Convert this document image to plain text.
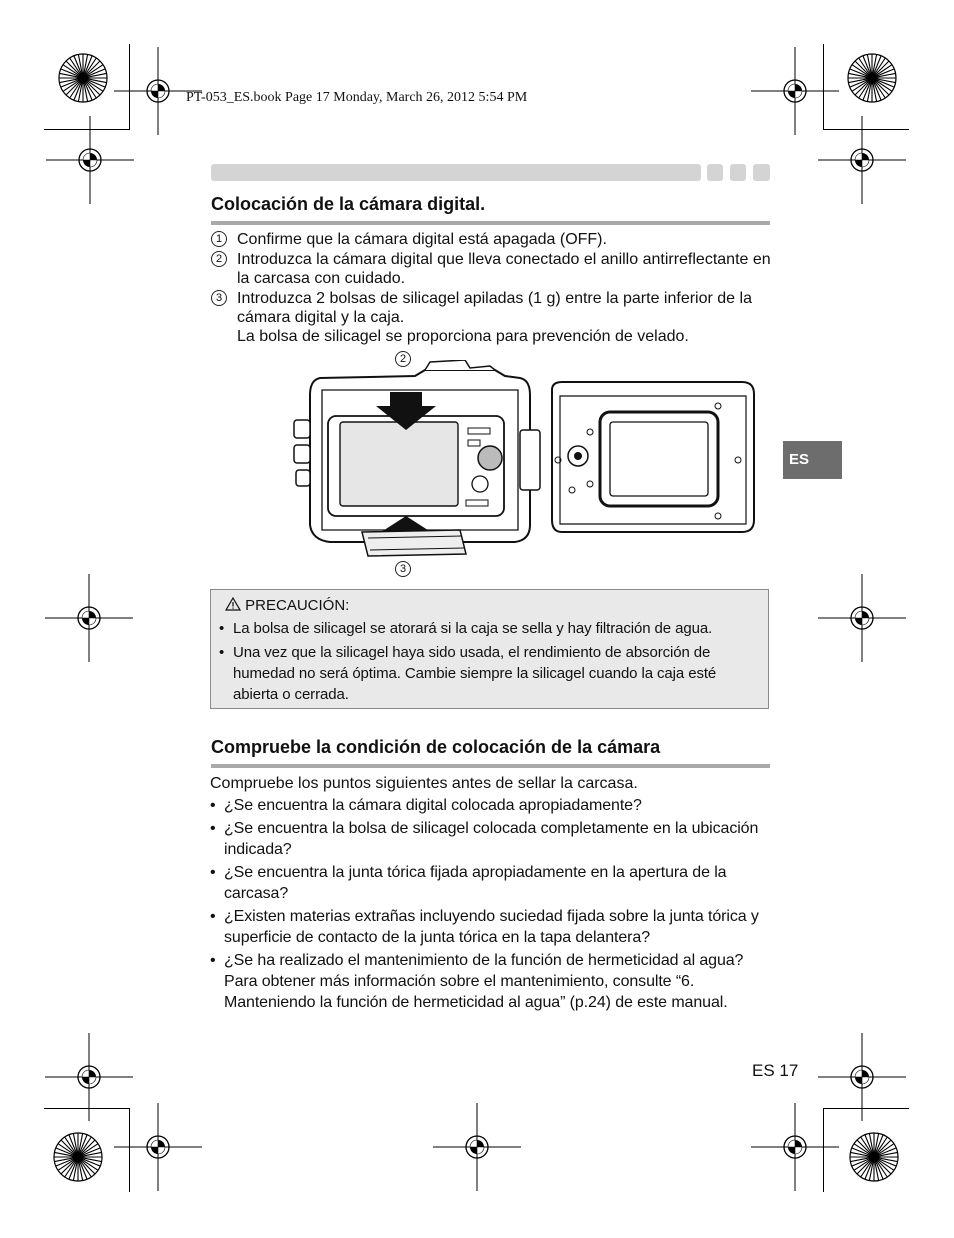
PT-053_ES.book Page 17 Monday, March 26, 2012 5:54 PM
Colocación de la cámara digital.
1 Confirme que la cámara digital está apagada (OFF).
2 Introduzca la cámara digital que lleva conectado el anillo antirreflectante en la carcasa con cuidado.
3 Introduzca 2 bolsas de silicagel apiladas (1 g) entre la parte inferior de la cámara digital y la caja.
La bolsa de silicagel se proporciona para prevención de velado.
2
3
PRECAUCIÓN:
• La bolsa de silicagel se atorará si la caja se sella y hay filtración de agua.
• Una vez que la silicagel haya sido usada, el rendimiento de absorción de humedad no será óptima. Cambie siempre la silicagel cuando la caja esté abierta o cerrada.
Compruebe la condición de colocación de la cámara
Compruebe los puntos siguientes antes de sellar la carcasa.
• ¿Se encuentra la cámara digital colocada apropiadamente?
• ¿Se encuentra la bolsa de silicagel colocada completamente en la ubicación indicada?
• ¿Se encuentra la junta tórica fijada apropiadamente en la apertura de la carcasa?
• ¿Existen materias extrañas incluyendo suciedad fijada sobre la junta tórica y superficie de contacto de la junta tórica en la tapa delantera?
• ¿Se ha realizado el mantenimiento de la función de hermeticidad al agua? Para obtener más información sobre el mantenimiento, consulte “6. Manteniendo la función de hermeticidad al agua” (p.24) de este manual.
ES
ES 17
